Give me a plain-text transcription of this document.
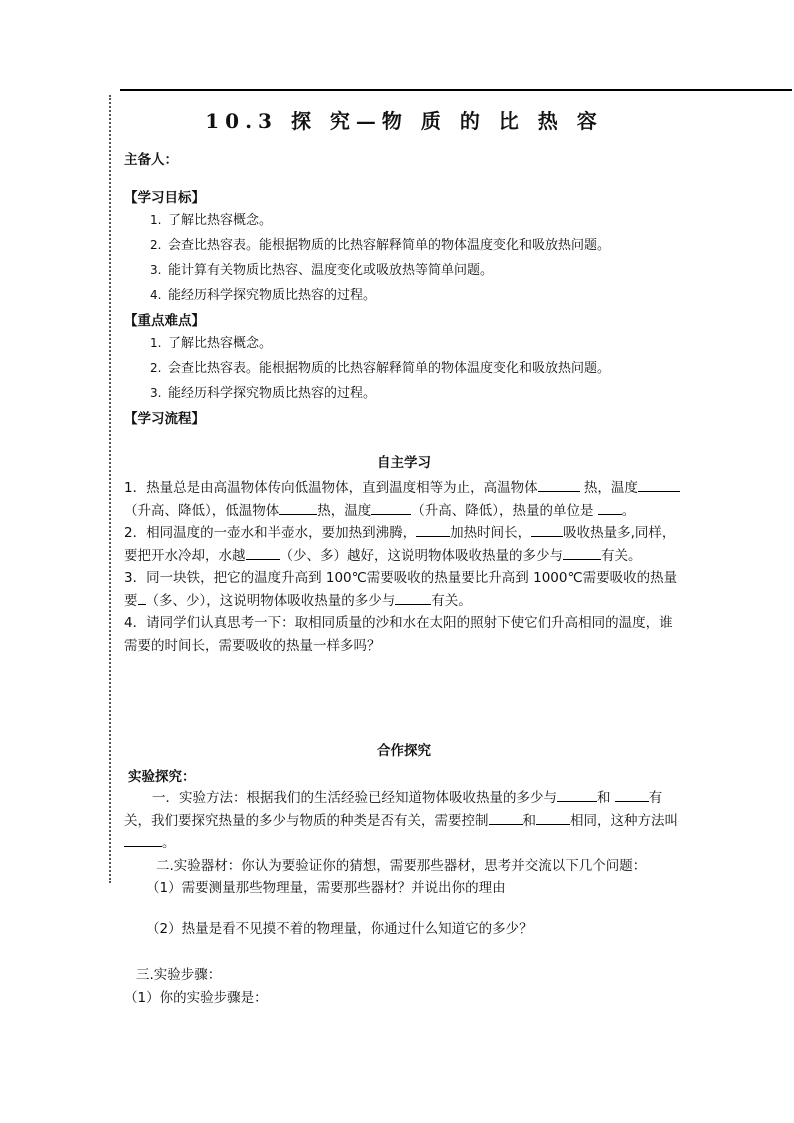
10.3 探 究—物 质 的 比 热 容
主备人：
【学习目标】
1. 了解比热容概念。
2. 会查比热容表。能根据物质的比热容解释简单的物体温度变化和吸放热问题。
3. 能计算有关物质比热容、温度变化或吸放热等简单问题。
4. 能经历科学探究物质比热容的过程。
【重点难点】
1. 了解比热容概念。
2. 会查比热容表。能根据物质的比热容解释简单的物体温度变化和吸放热问题。
3. 能经历科学探究物质比热容的过程。
【学习流程】
自主学习

1．热量总是由高温物体传向低温物体，直到温度相等为止，高温物体	热，温度（升高、降低），低温物体	热，温度	（升高、降低），热量的单位是 。

2．相同温度的一壶水和半壶水，要加热到沸腾，	加热时间长， 吸收热量多,同样，要把开水冷却，水越	（少、多）越好，这说明物体吸收热量的多少与	有关。

3．同一块铁，把它的温度升高到 100℃需要吸收的热量要比升高到 1000℃需要吸收的热量 要 （多、少），这说明物体吸收热量的多少与	有关。

4．请同学们认真思考一下：取相同质量的沙和水在太阳的照射下使它们升高相同的温度，谁需要的时间长，需要吸收的热量一样多吗？

合作探究
实验探究：

一．实验方法：根据我们的生活经验已经知道物体吸收热量的多少与	和	有关，我们要探究热量的多少与物质的种类是否有关，需要控制	和	相同，这种方法叫。

二.实验器材：你认为要验证你的猜想，需要那些器材，思考并交流以下几个问题：

（1）需要测量那些物理量，需要那些器材？并说出你的理由

（2）热量是看不见摸不着的物理量，你通过什么知道它的多少？

三.实验步骤：

（1）你的实验步骤是：
